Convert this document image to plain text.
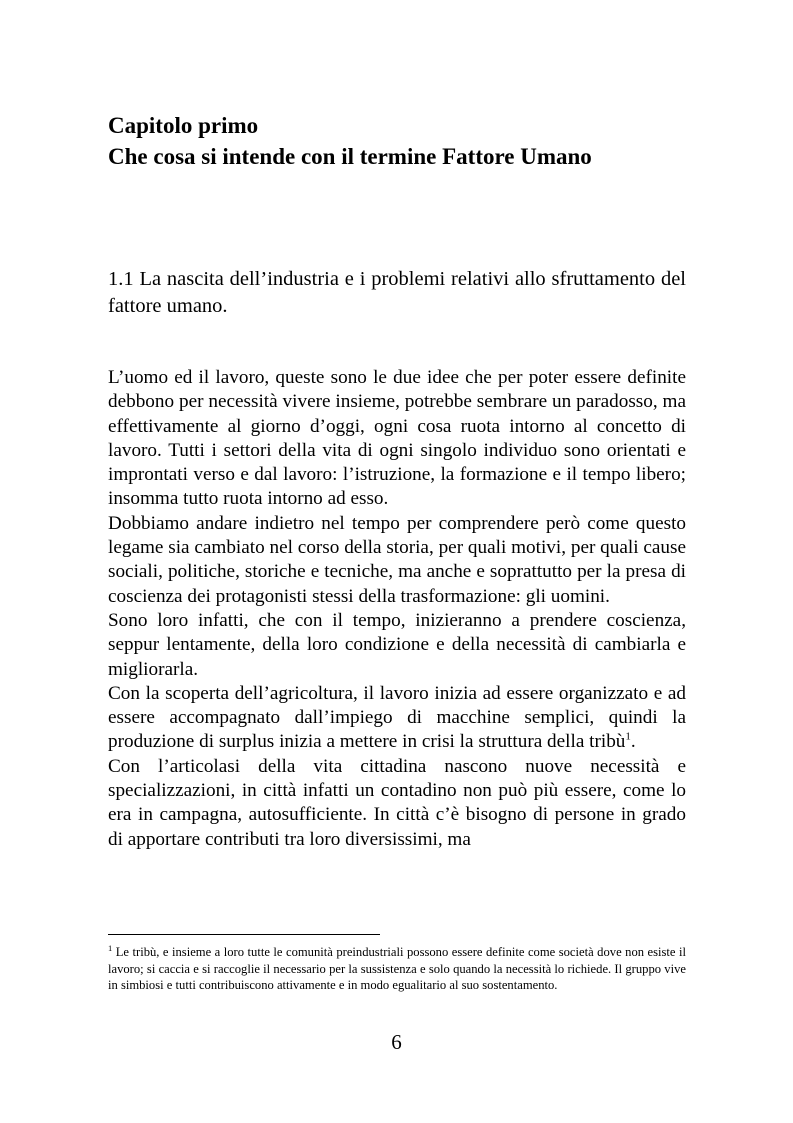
Capitolo primo
Che cosa si intende con il termine Fattore Umano
1.1 La nascita dell’industria e i problemi relativi allo sfruttamento del fattore umano.

L’uomo ed il lavoro, queste sono le due idee che per poter essere definite debbono per necessità vivere insieme, potrebbe sembrare un paradosso, ma effettivamente al giorno d’oggi, ogni cosa ruota intorno al concetto di lavoro. Tutti i settori della vita di ogni singolo individuo sono orientati e improntati verso e dal lavoro: l’istruzione, la formazione e il tempo libero; insomma tutto ruota intorno ad esso.

Dobbiamo andare indietro nel tempo per comprendere però come questo legame sia cambiato nel corso della storia, per quali motivi, per quali cause sociali, politiche, storiche e tecniche, ma anche e soprattutto per la presa di coscienza dei protagonisti stessi della trasformazione: gli uomini.

Sono loro infatti, che con il tempo, inizieranno a prendere coscienza, seppur lentamente, della loro condizione e della necessità di cambiarla e migliorarla.

Con la scoperta dell’agricoltura, il lavoro inizia ad essere organizzato e ad essere accompagnato dall’impiego di macchine semplici, quindi la produzione di surplus inizia a mettere in crisi la struttura della tribù$^1$.

Con l’articolasi della vita cittadina nascono nuove necessità e specializzazioni, in città infatti un contadino non può più essere, come lo era in campagna, autosufficiente. In città c’è bisogno di persone in grado di apportare contributi tra loro diversissimi, ma

$^1$ Le tribù, e insieme a loro tutte le comunità preindustriali possono essere definite come società dove non esiste il lavoro; si caccia e si raccoglie il necessario per la sussistenza e solo quando la necessità lo richiede. Il gruppo vive in simbiosi e tutti contribuiscono attivamente e in modo egualitario al suo sostentamento.
6
